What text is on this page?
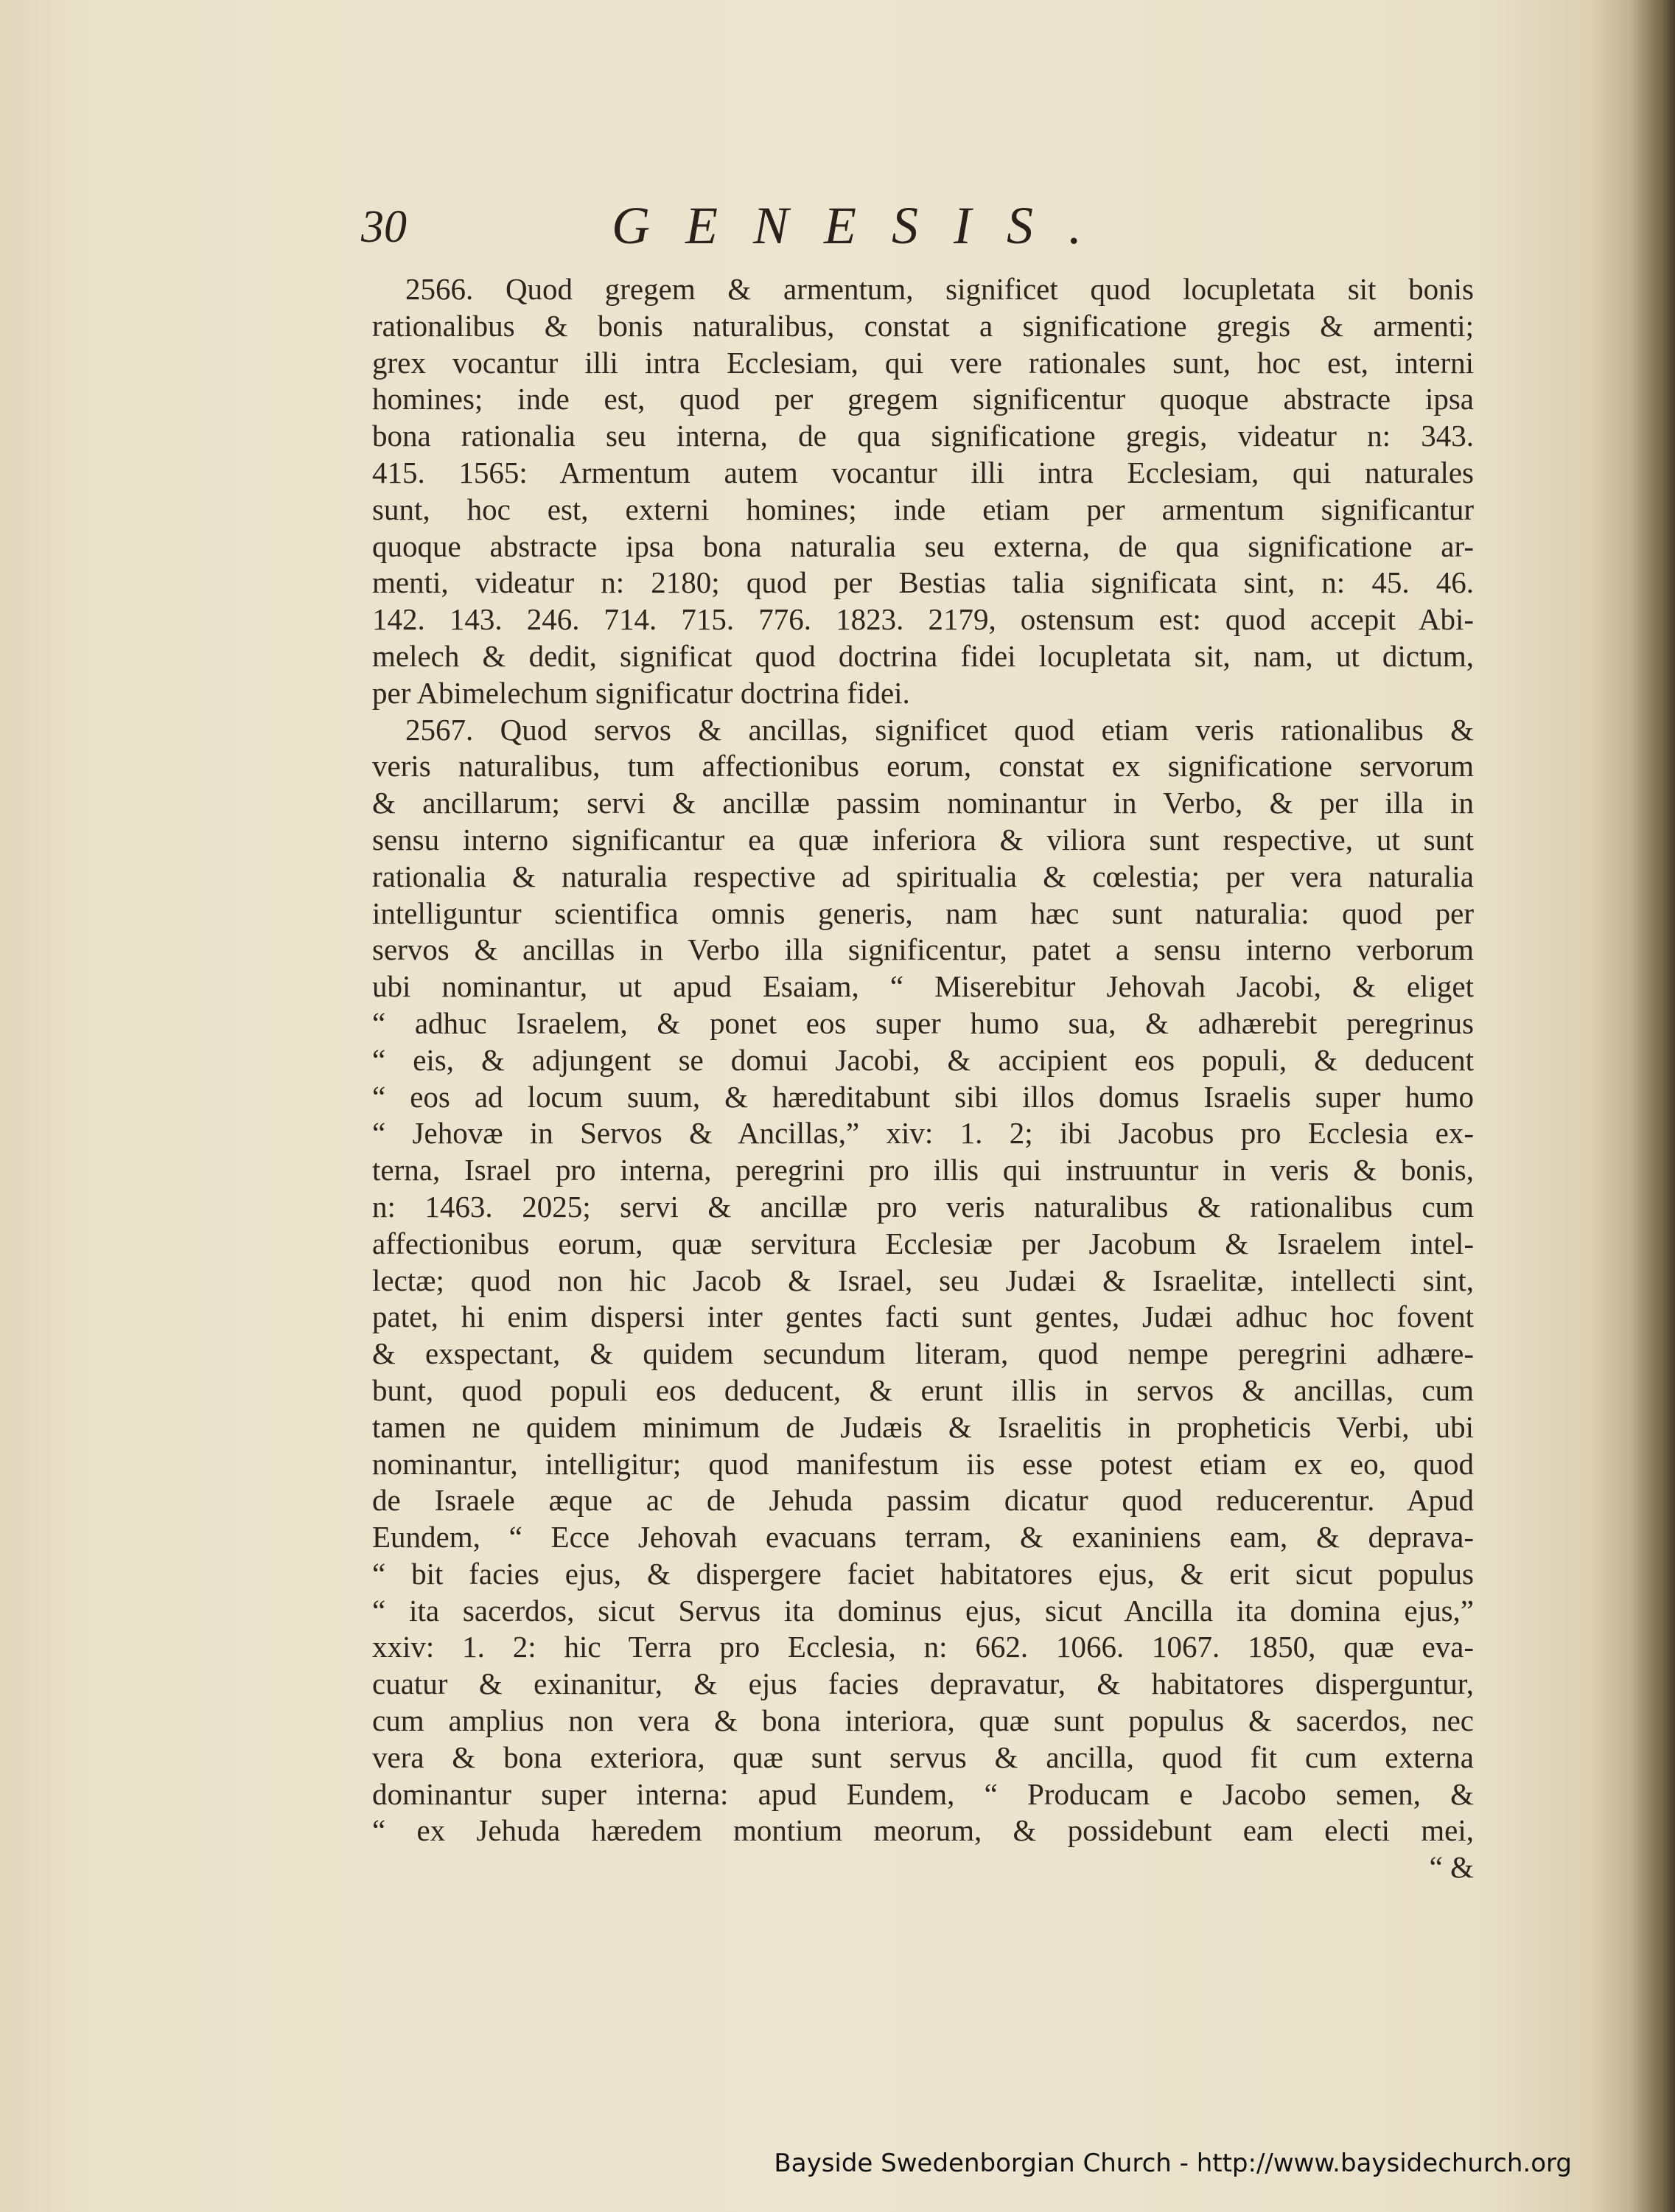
30	GENESIS.
2566. Quod gregem & armentum, significet quod locupletata sit bonis
rationalibus & bonis naturalibus, constat a significatione gregis & armenti;
grex vocantur illi intra Ecclesiam, qui vere rationales sunt, hoc est, interni
homines; inde est, quod per gregem significentur quoque abstracte ipsa
bona rationalia seu interna, de qua significatione gregis, videatur n: 343.
415. 1565: Armentum autem vocantur illi intra Ecclesiam, qui naturales
sunt, hoc est, externi homines; inde etiam per armentum significantur
quoque abstracte ipsa bona naturalia seu externa, de qua significatione ar-
menti, videatur n: 2180; quod per Bestias talia significata sint, n: 45. 46.
142. 143. 246. 714. 715. 776. 1823. 2179, ostensum est: quod accepit Abi-
melech & dedit, significat quod doctrina fidei locupletata sit, nam, ut dictum,
per Abimelechum significatur doctrina fidei.
2567. Quod servos & ancillas, significet quod etiam veris rationalibus &
veris naturalibus, tum affectionibus eorum, constat ex significatione servorum
& ancillarum; servi & ancillæ passim nominantur in Verbo, & per illa in
sensu interno significantur ea quæ inferiora & viliora sunt respective, ut sunt
rationalia & naturalia respective ad spiritualia & cœlestia; per vera naturalia
intelliguntur scientifica omnis generis, nam hæc sunt naturalia: quod per
servos & ancillas in Verbo illa significentur, patet a sensu interno verborum
ubi nominantur, ut apud Esaiam, “ Miserebitur Jehovah Jacobi, & eliget
“ adhuc Israelem, & ponet eos super humo sua, & adhærebit peregrinus
“ eis, & adjungent se domui Jacobi, & accipient eos populi, & deducent
“ eos ad locum suum, & hæreditabunt sibi illos domus Israelis super humo
“ Jehovæ in Servos & Ancillas,” xiv: 1. 2; ibi Jacobus pro Ecclesia ex-
terna, Israel pro interna, peregrini pro illis qui instruuntur in veris & bonis,
n: 1463. 2025; servi & ancillæ pro veris naturalibus & rationalibus cum
affectionibus eorum, quæ servitura Ecclesiæ per Jacobum & Israelem intel-
lectæ; quod non hic Jacob & Israel, seu Judæi & Israelitæ, intellecti sint,
patet, hi enim dispersi inter gentes facti sunt gentes, Judæi adhuc hoc fovent
& exspectant, & quidem secundum literam, quod nempe peregrini adhære-
bunt, quod populi eos deducent, & erunt illis in servos & ancillas, cum
tamen ne quidem minimum de Judæis & Israelitis in propheticis Verbi, ubi
nominantur, intelligitur; quod manifestum iis esse potest etiam ex eo, quod
de Israele æque ac de Jehuda passim dicatur quod reducerentur. Apud
Eundem, “ Ecce Jehovah evacuans terram, & exaniniens eam, & deprava-
“ bit facies ejus, & dispergere faciet habitatores ejus, & erit sicut populus
“ ita sacerdos, sicut Servus ita dominus ejus, sicut Ancilla ita domina ejus,”
xxiv: 1. 2: hic Terra pro Ecclesia, n: 662. 1066. 1067. 1850, quæ eva-
cuatur & exinanitur, & ejus facies depravatur, & habitatores disperguntur,
cum amplius non vera & bona interiora, quæ sunt populus & sacerdos, nec
vera & bona exteriora, quæ sunt servus & ancilla, quod fit cum externa
dominantur super interna: apud Eundem, “ Producam e Jacobo semen, &
“ ex Jehuda hæredem montium meorum, & possidebunt eam electi mei,
“ &
Bayside Swedenborgian Church - http://www.baysidechurch.org
